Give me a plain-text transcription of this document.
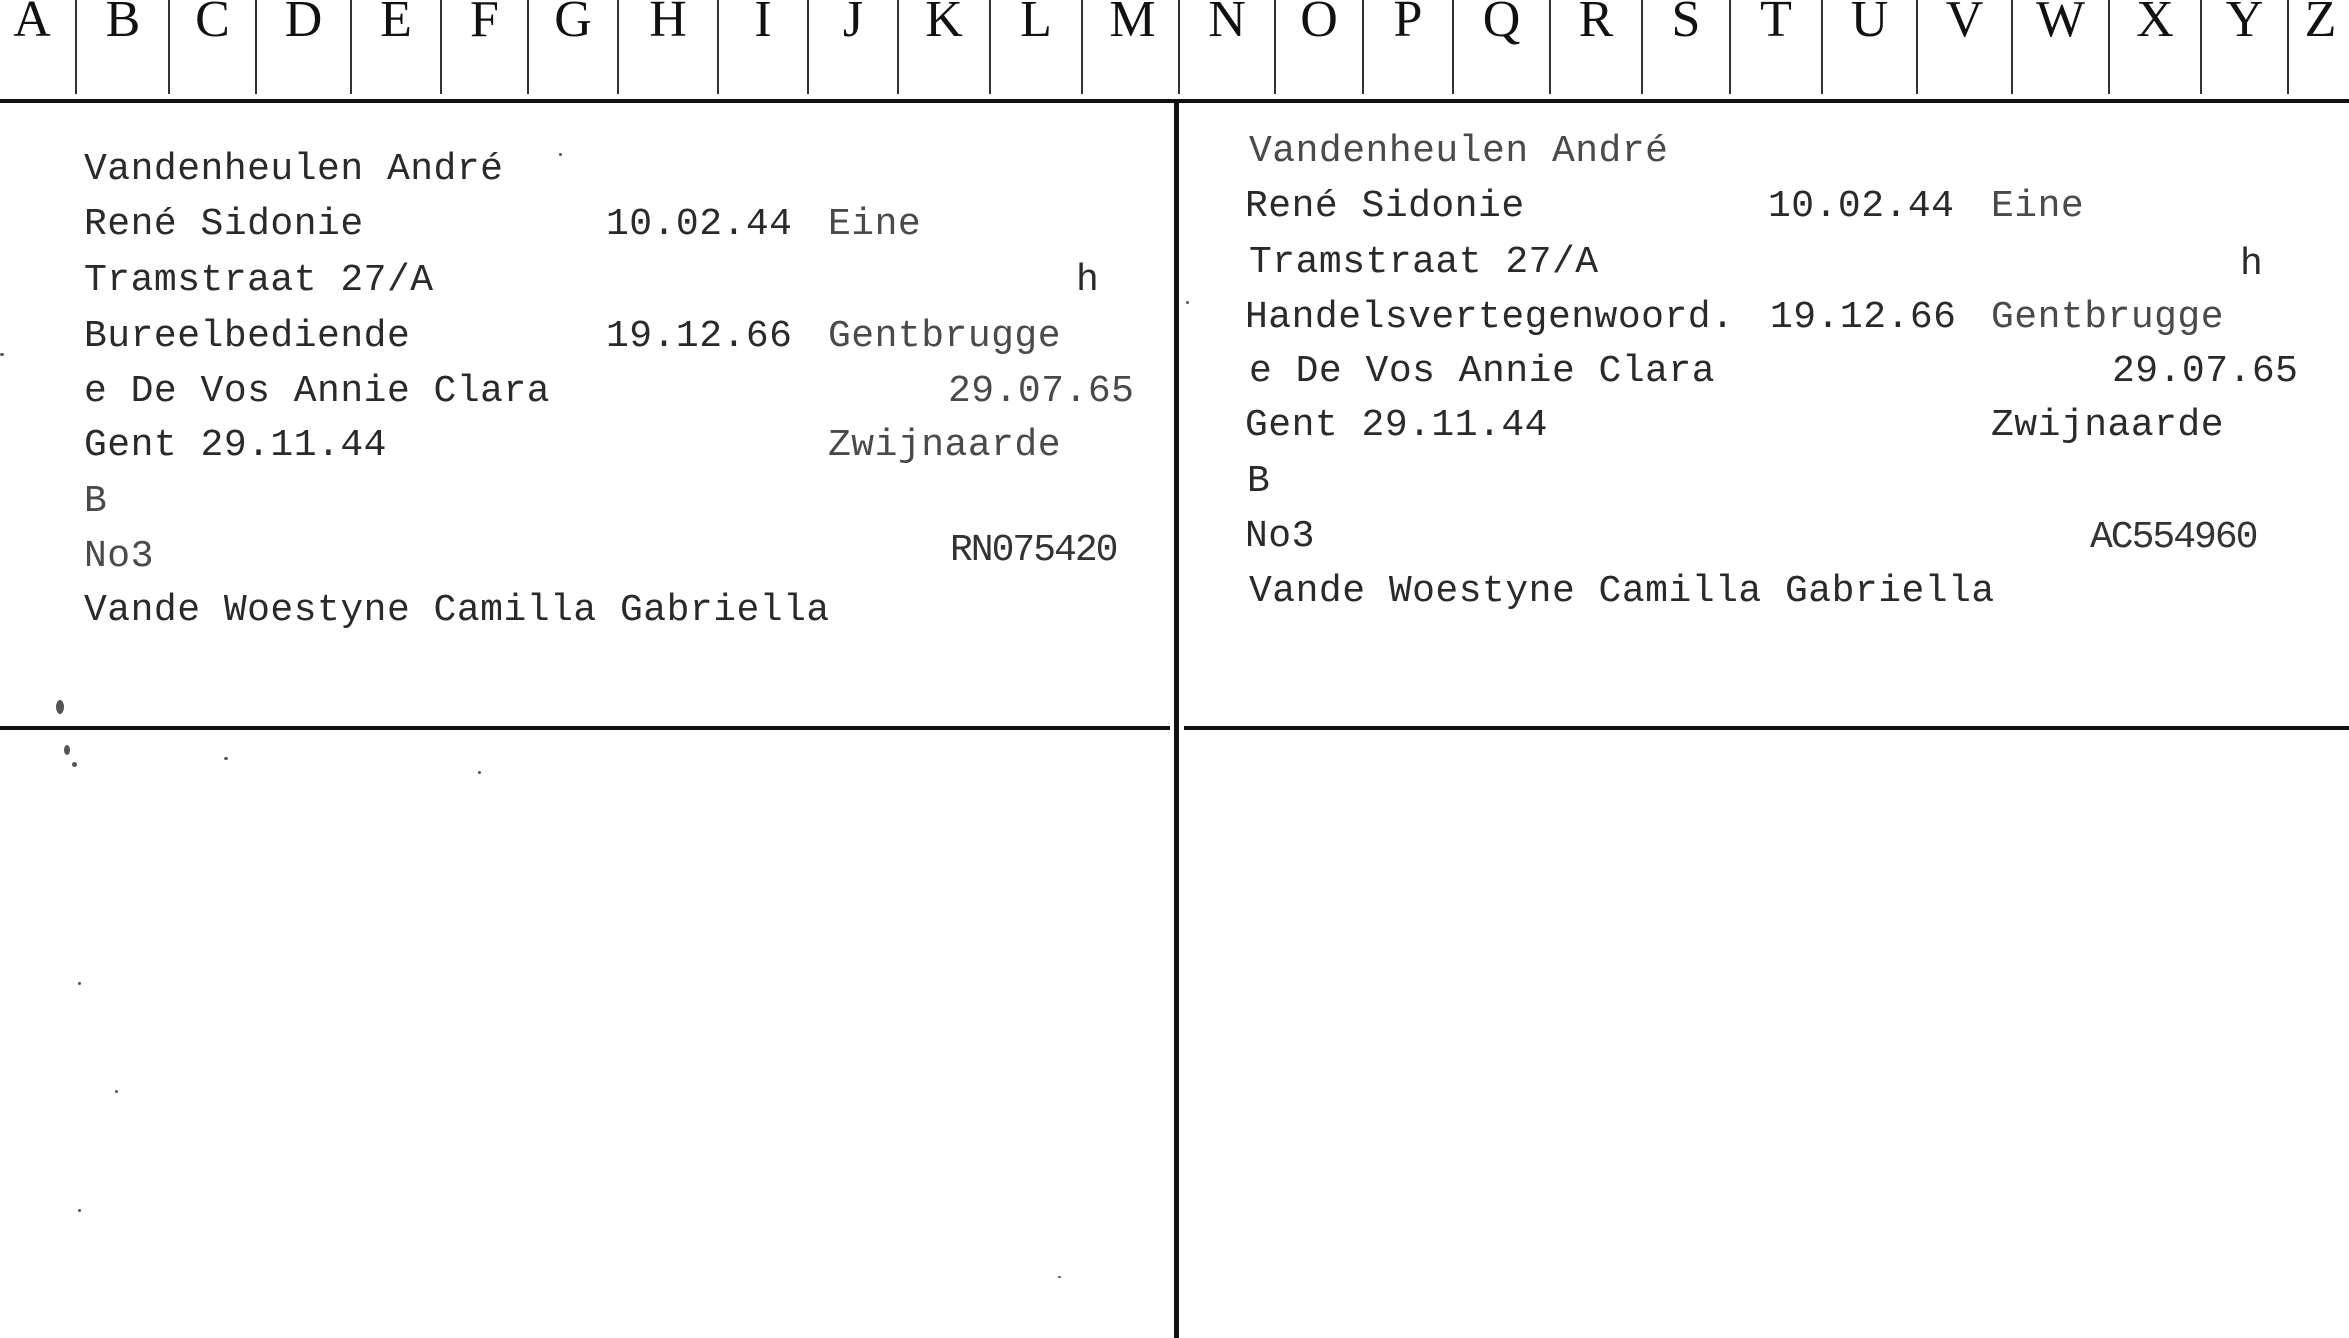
A	B	C	D	E	F	G	H	I	J	K	L	M	N	O	P	Q	R	S	T	U	V	W X Y Z
Vandenheulen André
René Sidonie	10.02.44 Eine
Tramstraat 27/A	h
Bureelbediende	19.12.66 Gentbrugge
e De Vos Annie Clara	29.07.65
Gent 29.11.44	Zwijnaarde
B
No3	RN075420
Vande Woestyne Camilla Gabriella
Vandenheulen André
René Sidonie	10.02.44 Eine
Tramstraat 27/A	h
Handelsvertegenwoord. 19.12.66 Gentbrugge
e De Vos Annie Clara	29.07.65
Gent 29.11.44	Zwijnaarde
B
No3	AC554960
Vande Woestyne Camilla Gabriella
